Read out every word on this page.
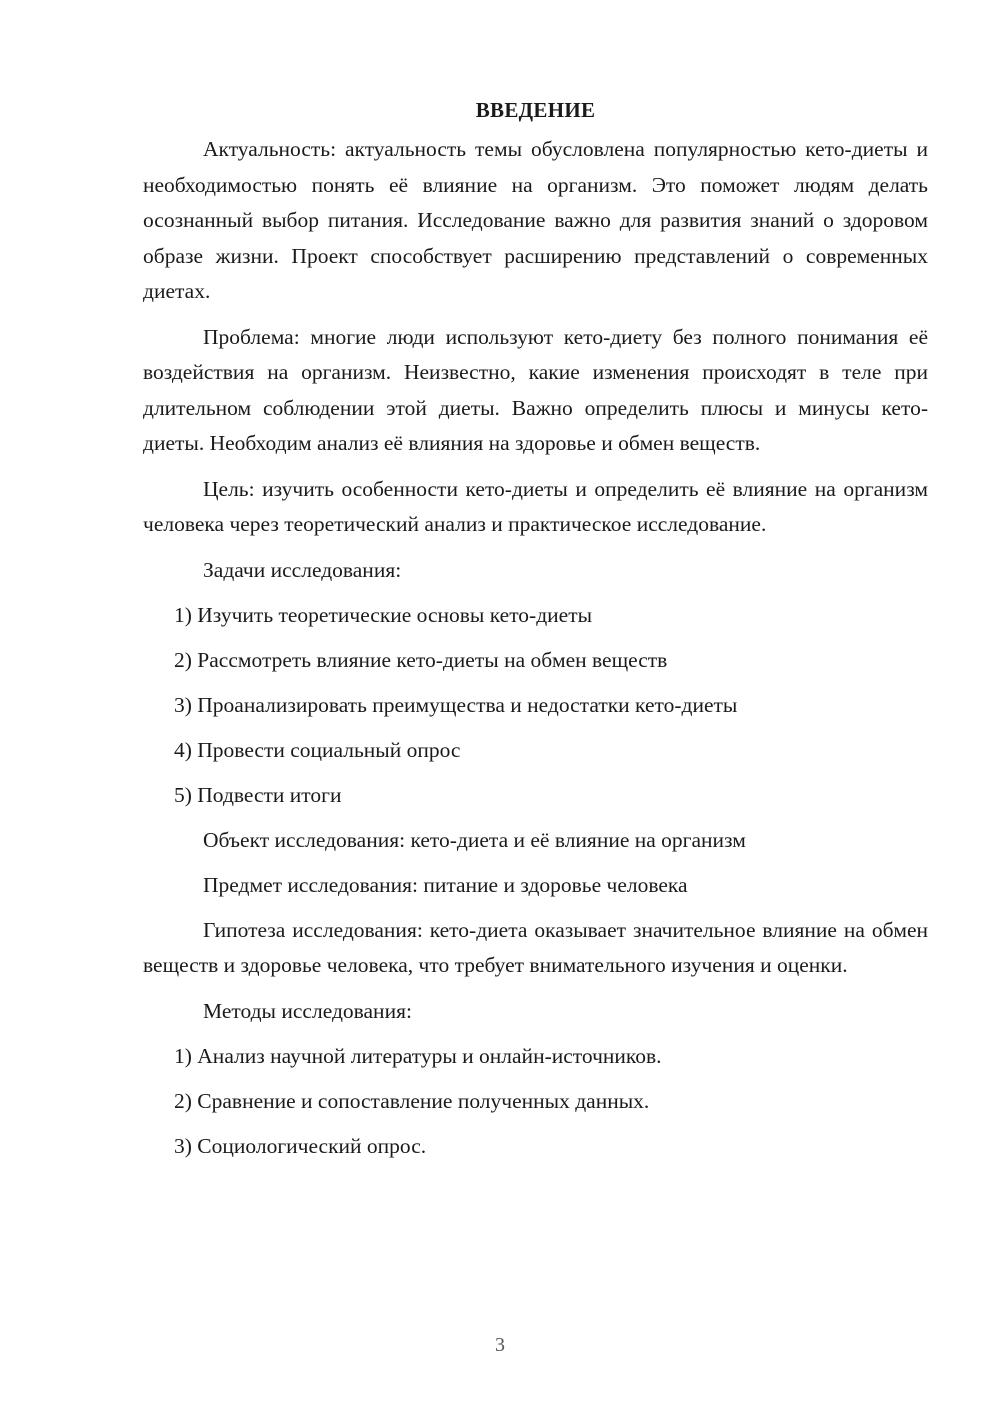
ВВЕДЕНИЕ

Актуальность: актуальность темы обусловлена популярностью кето-диеты и необходимостью понять её влияние на организм. Это поможет людям делать осознанный выбор питания. Исследование важно для развития знаний о здоровом образе жизни. Проект способствует расширению представлений о современных диетах.

Проблема: многие люди используют кето-диету без полного понимания её воздействия на организм. Неизвестно, какие изменения происходят в теле при длительном соблюдении этой диеты. Важно определить плюсы и минусы кето-диеты. Необходим анализ её влияния на здоровье и обмен веществ.

Цель: изучить особенности кето-диеты и определить её влияние на организм человека через теоретический анализ и практическое исследование.

Задачи исследования:

1) Изучить теоретические основы кето-диеты
2) Рассмотреть влияние кето-диеты на обмен веществ
3) Проанализировать преимущества и недостатки кето-диеты
4) Провести социальный опрос
5) Подвести итоги

Объект исследования: кето-диета и её влияние на организм

Предмет исследования: питание и здоровье человека

Гипотеза исследования: кето-диета оказывает значительное влияние на обмен веществ и здоровье человека, что требует внимательного изучения и оценки.

Методы исследования:

1) Анализ научной литературы и онлайн-источников.
2) Сравнение и сопоставление полученных данных.
3) Социологический опрос.
3
